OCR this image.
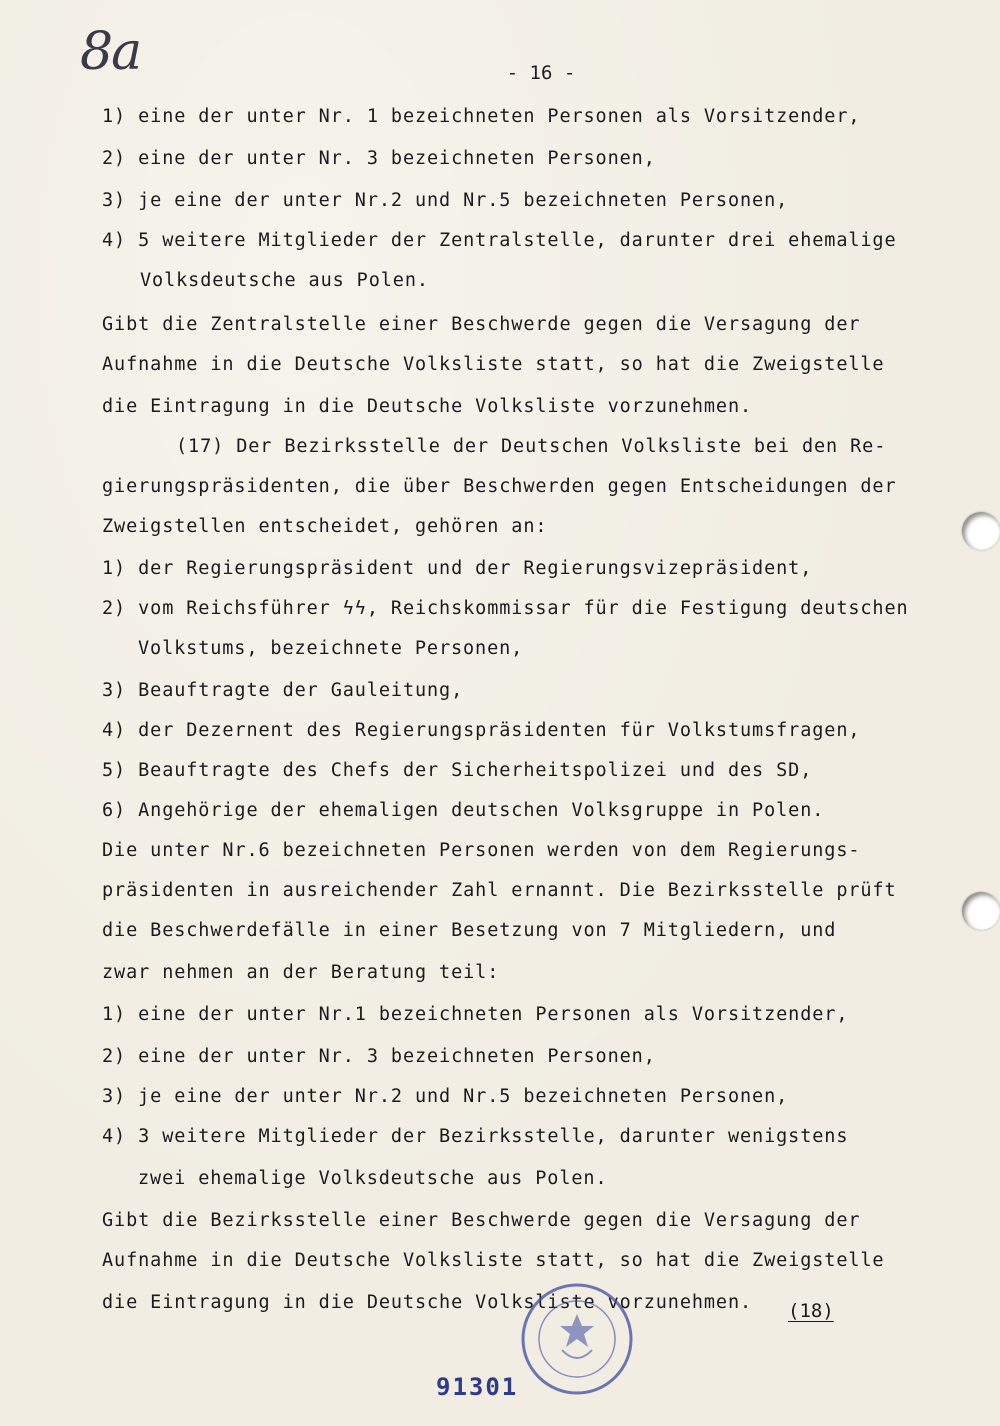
8a	- 16 -
1) eine der unter Nr. 1 bezeichneten Personen als Vorsitzender,
2) eine der unter Nr. 3 bezeichneten Personen,
3) je eine der unter Nr.2 und Nr.5 bezeichneten Personen,
4) 5 weitere Mitglieder der Zentralstelle, darunter drei ehemalige
Volksdeutsche aus Polen.
Gibt die Zentralstelle einer Beschwerde gegen die Versagung der
Aufnahme in die Deutsche Volksliste statt, so hat die Zweigstelle
die Eintragung in die Deutsche Volksliste vorzunehmen.
(17) Der Bezirksstelle der Deutschen Volksliste bei den Re-
gierungspräsidenten, die über Beschwerden gegen Entscheidungen der
Zweigstellen entscheidet, gehören an:
1) der Regierungspräsident und der Regierungsvizepräsident,
2) vom Reichsführer ϟϟ, Reichskommissar für die Festigung deutschen
Volkstums, bezeichnete Personen,
3) Beauftragte der Gauleitung,
4) der Dezernent des Regierungspräsidenten für Volkstumsfragen,
5) Beauftragte des Chefs der Sicherheitspolizei und des SD,
6) Angehörige der ehemaligen deutschen Volksgruppe in Polen.
Die unter Nr.6 bezeichneten Personen werden von dem Regierungs-
präsidenten in ausreichender Zahl ernannt. Die Bezirksstelle prüft
die Beschwerdefälle in einer Besetzung von 7 Mitgliedern, und
zwar nehmen an der Beratung teil:
1) eine der unter Nr.1 bezeichneten Personen als Vorsitzender,
2) eine der unter Nr. 3 bezeichneten Personen,
3) je eine der unter Nr.2 und Nr.5 bezeichneten Personen,
4) 3 weitere Mitglieder der Bezirksstelle, darunter wenigstens
zwei ehemalige Volksdeutsche aus Polen.
Gibt die Bezirksstelle einer Beschwerde gegen die Versagung der
Aufnahme in die Deutsche Volksliste statt, so hat die Zweigstelle
die Eintragung in die Deutsche Volksliste vorzunehmen. (18)
91301
